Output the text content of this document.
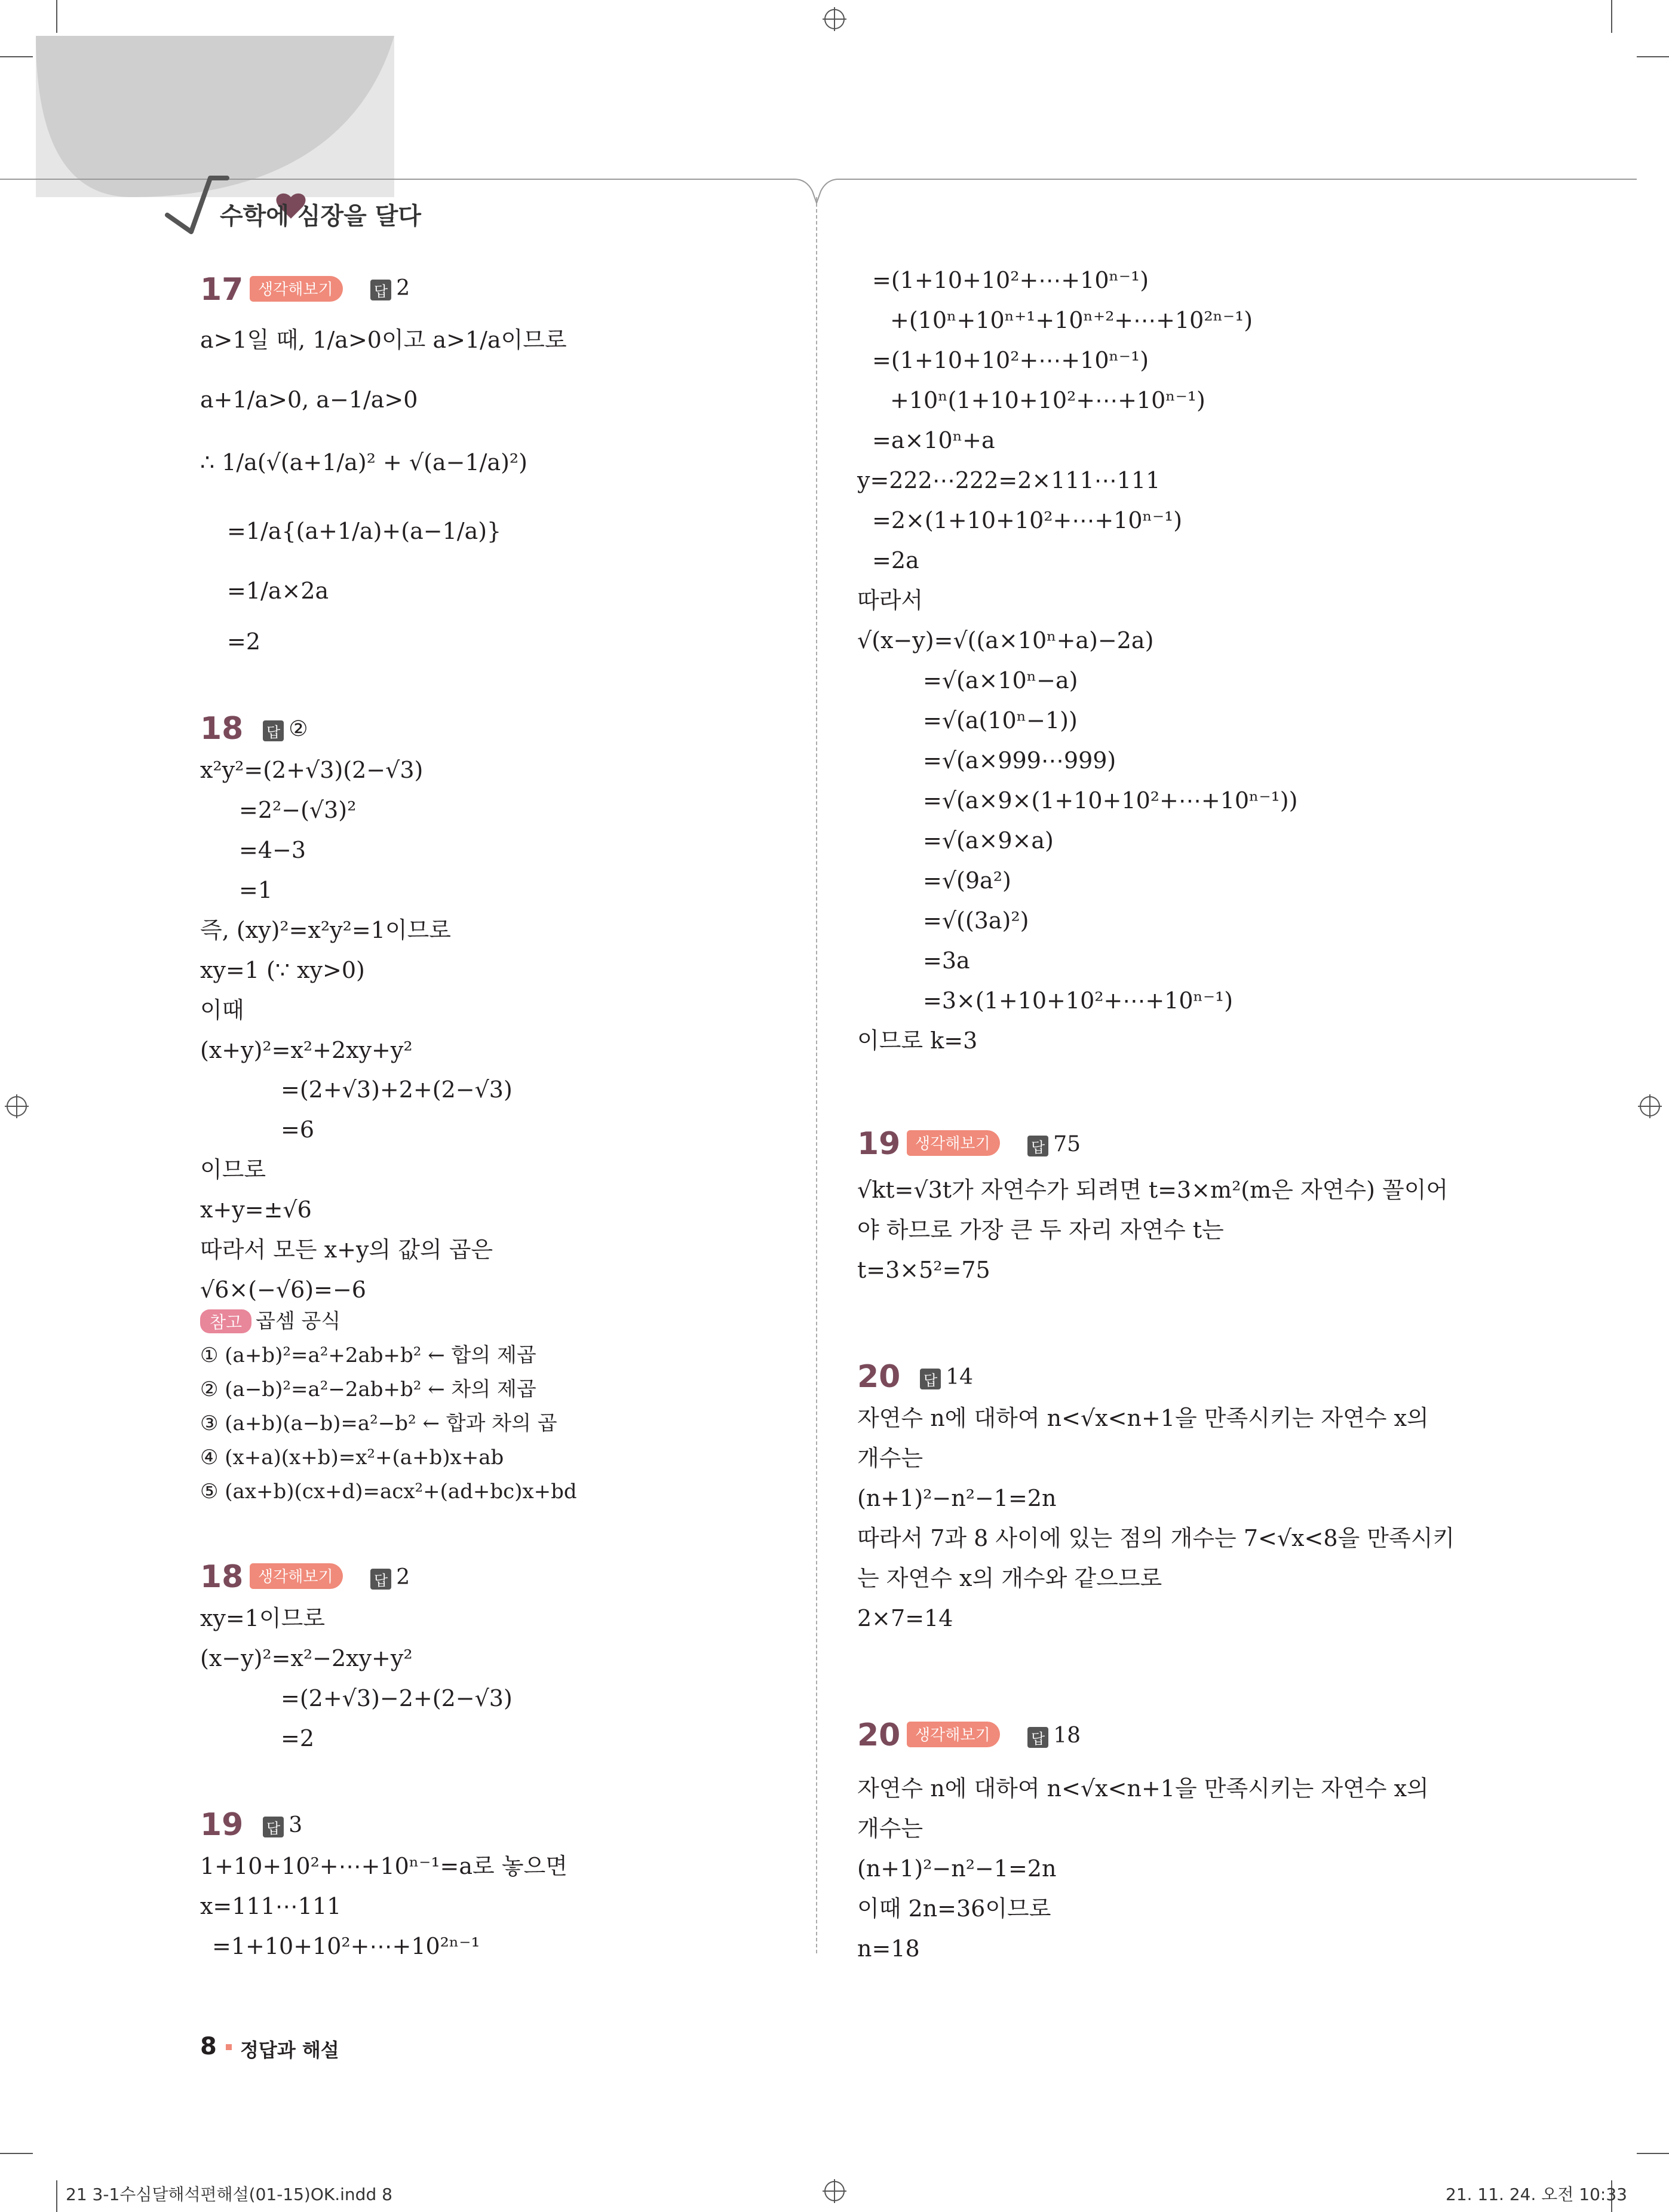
수학에 심장을 달다
17 생각해보기	답 2
a>1일 때, 1/a>0이고 a>1/a이므로
a+1/a>0, a−1/a>0
∴ 1/a(√(a+1/a)² + √(a−1/a)²)
=1/a{(a+1/a)+(a−1/a)}
=1/a×2a
=2
18 답 ②
x²y²=(2+√3)(2−√3)
=2²−(√3)²
=4−3
=1
즉, (xy)²=x²y²=1이므로
xy=1 (∵ xy>0)
이때
(x+y)²=x²+2xy+y²
=(2+√3)+2+(2−√3)
=6
이므로
x+y=±√6
따라서 모든 x+y의 값의 곱은
√6×(−√6)=−6
참고 곱셈 공식
① (a+b)²=a²+2ab+b² ← 합의 제곱
② (a−b)²=a²−2ab+b² ← 차의 제곱
③ (a+b)(a−b)=a²−b² ← 합과 차의 곱
④ (x+a)(x+b)=x²+(a+b)x+ab
⑤ (ax+b)(cx+d)=acx²+(ad+bc)x+bd
18 생각해보기	답 2
xy=1이므로
(x−y)²=x²−2xy+y²
=(2+√3)−2+(2−√3)
=2
19 답 3
1+10+10²+⋯+10ⁿ⁻¹=a로 놓으면
x=111⋯111
=1+10+10²+⋯+10²ⁿ⁻¹
=(1+10+10²+⋯+10ⁿ⁻¹)
+(10ⁿ+10ⁿ⁺¹+10ⁿ⁺²+⋯+10²ⁿ⁻¹)
=(1+10+10²+⋯+10ⁿ⁻¹)
+10ⁿ(1+10+10²+⋯+10ⁿ⁻¹)
=a×10ⁿ+a
y=222⋯222=2×111⋯111
=2×(1+10+10²+⋯+10ⁿ⁻¹)
=2a
따라서
√(x−y)=√((a×10ⁿ+a)−2a)
=√(a×10ⁿ−a)
=√(a(10ⁿ−1))
=√(a×999⋯999)
=√(a×9×(1+10+10²+⋯+10ⁿ⁻¹))
=√(a×9×a)
=√(9a²)
=√((3a)²)
=3a
=3×(1+10+10²+⋯+10ⁿ⁻¹)
이므로 k=3
19 생각해보기	답 75
√kt=√3t가 자연수가 되려면 t=3×m²(m은 자연수) 꼴이어
야 하므로 가장 큰 두 자리 자연수 t는
t=3×5²=75
20 답 14
자연수 n에 대하여 n<√x<n+1을 만족시키는 자연수 x의
개수는
(n+1)²−n²−1=2n
따라서 7과 8 사이에 있는 점의 개수는 7<√x<8을 만족시키
는 자연수 x의 개수와 같으므로
2×7=14
20 생각해보기	답 18
자연수 n에 대하여 n<√x<n+1을 만족시키는 자연수 x의
개수는
(n+1)²−n²−1=2n
이때 2n=36이므로
n=18
8 정답과 해설
21 3-1수심달해석편해설(01-15)OK.indd 8	21. 11. 24. 오전 10:33
